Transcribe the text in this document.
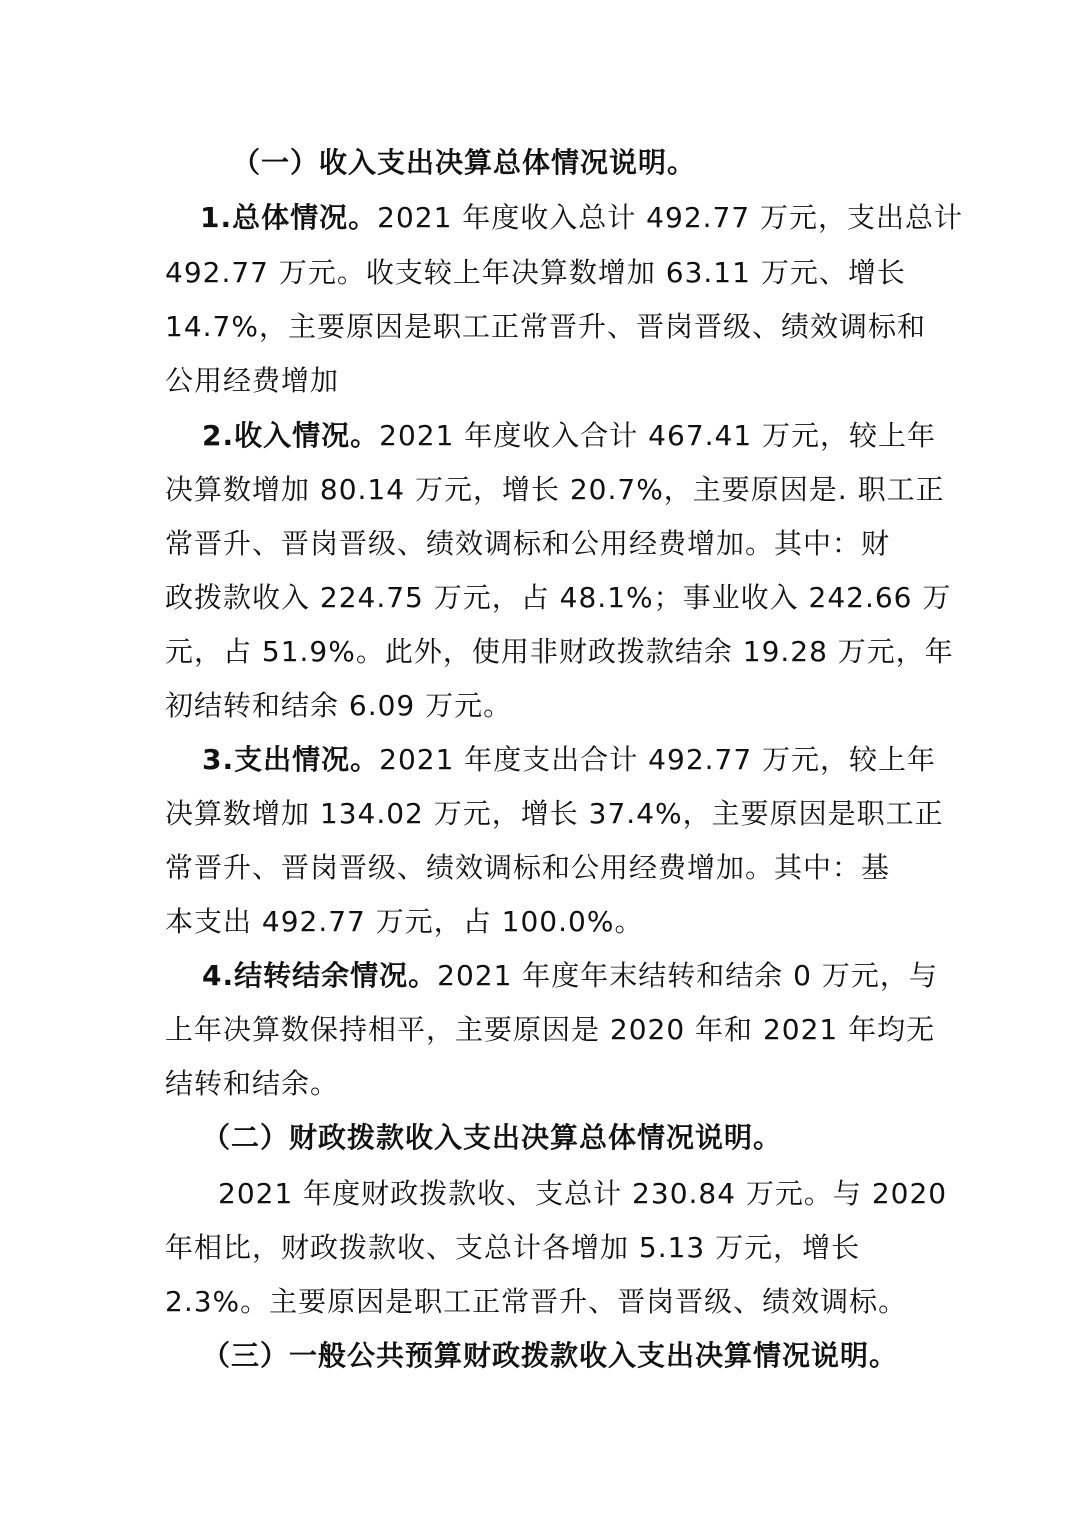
（一）收入支出决算总体情况说明。
1.总体情况。2021 年度收入总计 492.77 万元，支出总计
492.77 万元。收支较上年决算数增加 63.11 万元、增长
14.7%，主要原因是职工正常晋升、晋岗晋级、绩效调标和
公用经费增加
2.收入情况。2021 年度收入合计 467.41 万元，较上年
决算数增加 80.14 万元，增长 20.7%，主要原因是. 职工正
常晋升、晋岗晋级、绩效调标和公用经费增加。其中：财
政拨款收入 224.75 万元，占 48.1%；事业收入 242.66 万
元，占 51.9%。此外，使用非财政拨款结余 19.28 万元，年
初结转和结余 6.09 万元。
3.支出情况。2021 年度支出合计 492.77 万元，较上年
决算数增加 134.02 万元，增长 37.4%，主要原因是职工正
常晋升、晋岗晋级、绩效调标和公用经费增加。其中：基
本支出 492.77 万元，占 100.0%。
4.结转结余情况。2021 年度年末结转和结余 0 万元，与
上年决算数保持相平，主要原因是 2020 年和 2021 年均无
结转和结余。
（二）财政拨款收入支出决算总体情况说明。
2021 年度财政拨款收、支总计 230.84 万元。与 2020
年相比，财政拨款收、支总计各增加 5.13 万元，增长
2.3%。主要原因是职工正常晋升、晋岗晋级、绩效调标。
（三）一般公共预算财政拨款收入支出决算情况说明。
